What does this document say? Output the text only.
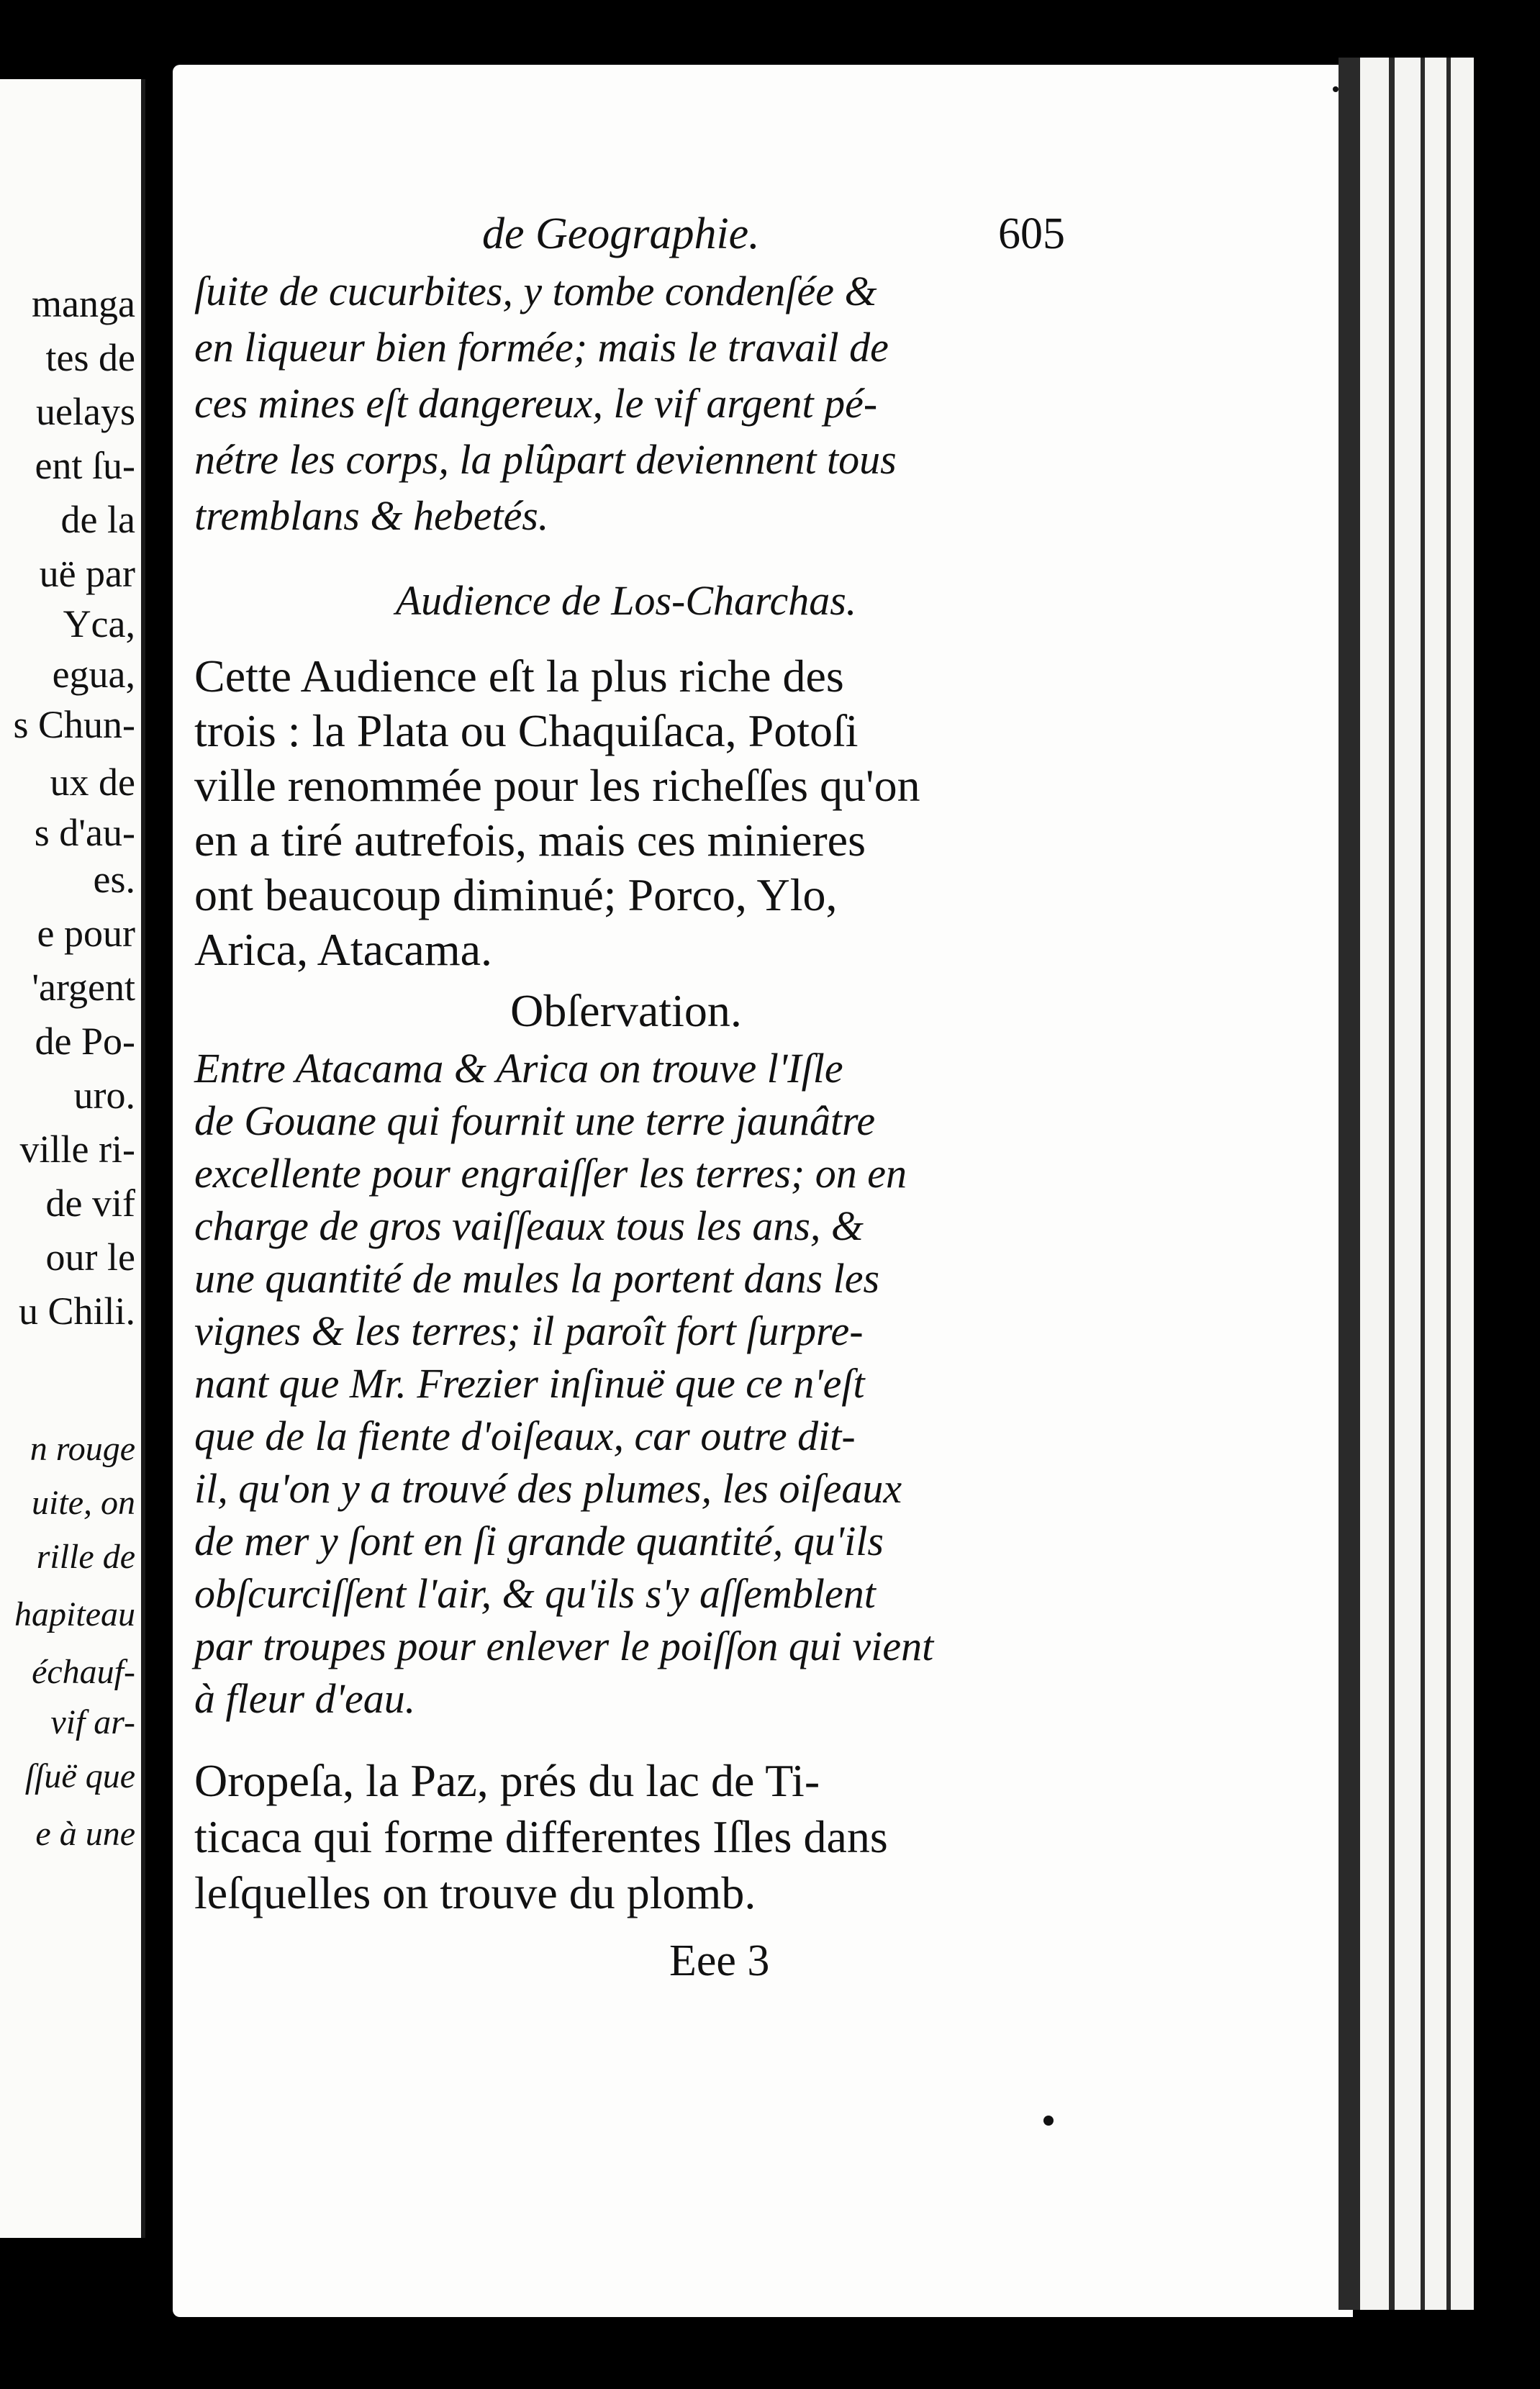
manga
tes de
uelays
ent ſu-
de la
uë par
Yca,
egua,
s Chun-
ux de
s d'au-
es.
e pour
'argent
de Po-
uro.
ville ri-
de vif
our le
u Chili.
n rouge
uite, on
rille de
hapiteau
échauf-
vif ar-
ſſuë que
e à une
de Geographie.	605
ſuite de cucurbites, y tombe condenſée &
en liqueur bien formée; mais le travail de
ces mines eſt dangereux, le vif argent pé-
nétre les corps, la plûpart deviennent tous
tremblans & hebetés.
Audience de Los-Charchas.
Cette Audience eſt la plus riche des
trois : la Plata ou Chaquiſaca, Potoſi
ville renommée pour les richeſſes qu'on
en a tiré autrefois, mais ces minieres
ont beaucoup diminué; Porco, Ylo,
Arica, Atacama.
Obſervation.
Entre Atacama & Arica on trouve l'Iſle
de Gouane qui fournit une terre jaunâtre
excellente pour engraiſſer les terres; on en
charge de gros vaiſſeaux tous les ans, &
une quantité de mules la portent dans les
vignes & les terres; il paroît fort ſurpre-
nant que Mr. Frezier inſinuë que ce n'eſt
que de la fiente d'oiſeaux, car outre dit-
il, qu'on y a trouvé des plumes, les oiſeaux
de mer y ſont en ſi grande quantité, qu'ils
obſcurciſſent l'air, & qu'ils s'y aſſemblent
par troupes pour enlever le poiſſon qui vient
à fleur d'eau.
Oropeſa, la Paz, prés du lac de Ti-
ticaca qui forme differentes Iſles dans
leſquelles on trouve du plomb.
Eee 3
